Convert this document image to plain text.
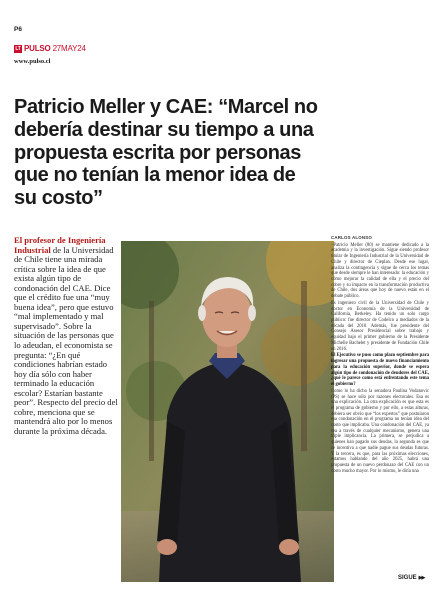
P6
LT PULSO 27MAY24
www.pulso.cl
Patricio Meller y CAE: “Marcel no debería destinar su tiempo a una propuesta escrita por personas que no tenían la menor idea de su costo”

El profesor de Ingeniería Industrial de la Universidad de Chile tiene una mirada crítica sobre la idea de que exista algún tipo de condonación del CAE. Dice que el crédito fue una “muy buena idea”, pero que estuvo “mal implementado y mal supervisado”. Sobre la situación de las personas que lo adeudan, el economista se pregunta: “¿En qué condiciones habrían estado hoy día sólo con haber terminado la educación escolar? Estarían bastante peor”. Respecto del precio del cobre, menciona que se mantendrá alto por lo menos durante la próxima década.

CARLOS ALONSO

–Patricio Meller (80) se mantiene dedicado a la academia y la investigación. Sigue siendo profesor titular de Ingeniería Industrial de la Universidad de Chile y director de Cieplan. Desde ese lugar, analiza la contingencia y sigue de cerca los temas que desde siempre le han interesado: la educación y cómo mejorar la calidad de ella y el precio del cobre y su impacto en la transformación productiva de Chile, dos áreas que hoy de nuevo están en el debate público.

Es ingeniero civil de la Universidad de Chile y doctor en Economía de la Universidad de California, Berkeley. Ha tenido un solo cargo público: fue director de Codelco a mediados de la década del 2010. Además, fue presidente del Consejo Asesor Presidencial sobre trabajo y equidad bajo el primer gobierno de la Presidente Michelle Bachelet y presidente de Fundación Chile en 2016.

El Ejecutivo se puso como plazo septiembre para ingresar una propuesta de nuevo financiamiento para la educación superior, donde se espera algún tipo de condonación de deudores del CAE, ¿qué le parece como está enfrentando este tema el gobierno?

Como lo ha dicho la senadora Paulina Vodanovic (PS) se hace sólo por razones electorales. Esa es una explicación. La otra explicación es que esta es el programa de gobierno y por ello, a estas alturas, debiera ser obvio que “los expertos” que postularon esa condonación en el programa no tenían idea del costo que implicaba. Una condonación del CAE, ya sea a través de cualquier mecanismo, genera una triple implicancia. La primera, se perjudica a quienes han pagado sus deudas, la segunda es que se incentiva a que nadie pague sus deudas futuras. Y la tercera, es que, para las próximas elecciones, estamos hablando del año 2025, habrá una propuesta de un nuevo perdonazo del CAE con un costo mucho mayor. Por lo mismo, le diría una

SIGUE ▶▶
